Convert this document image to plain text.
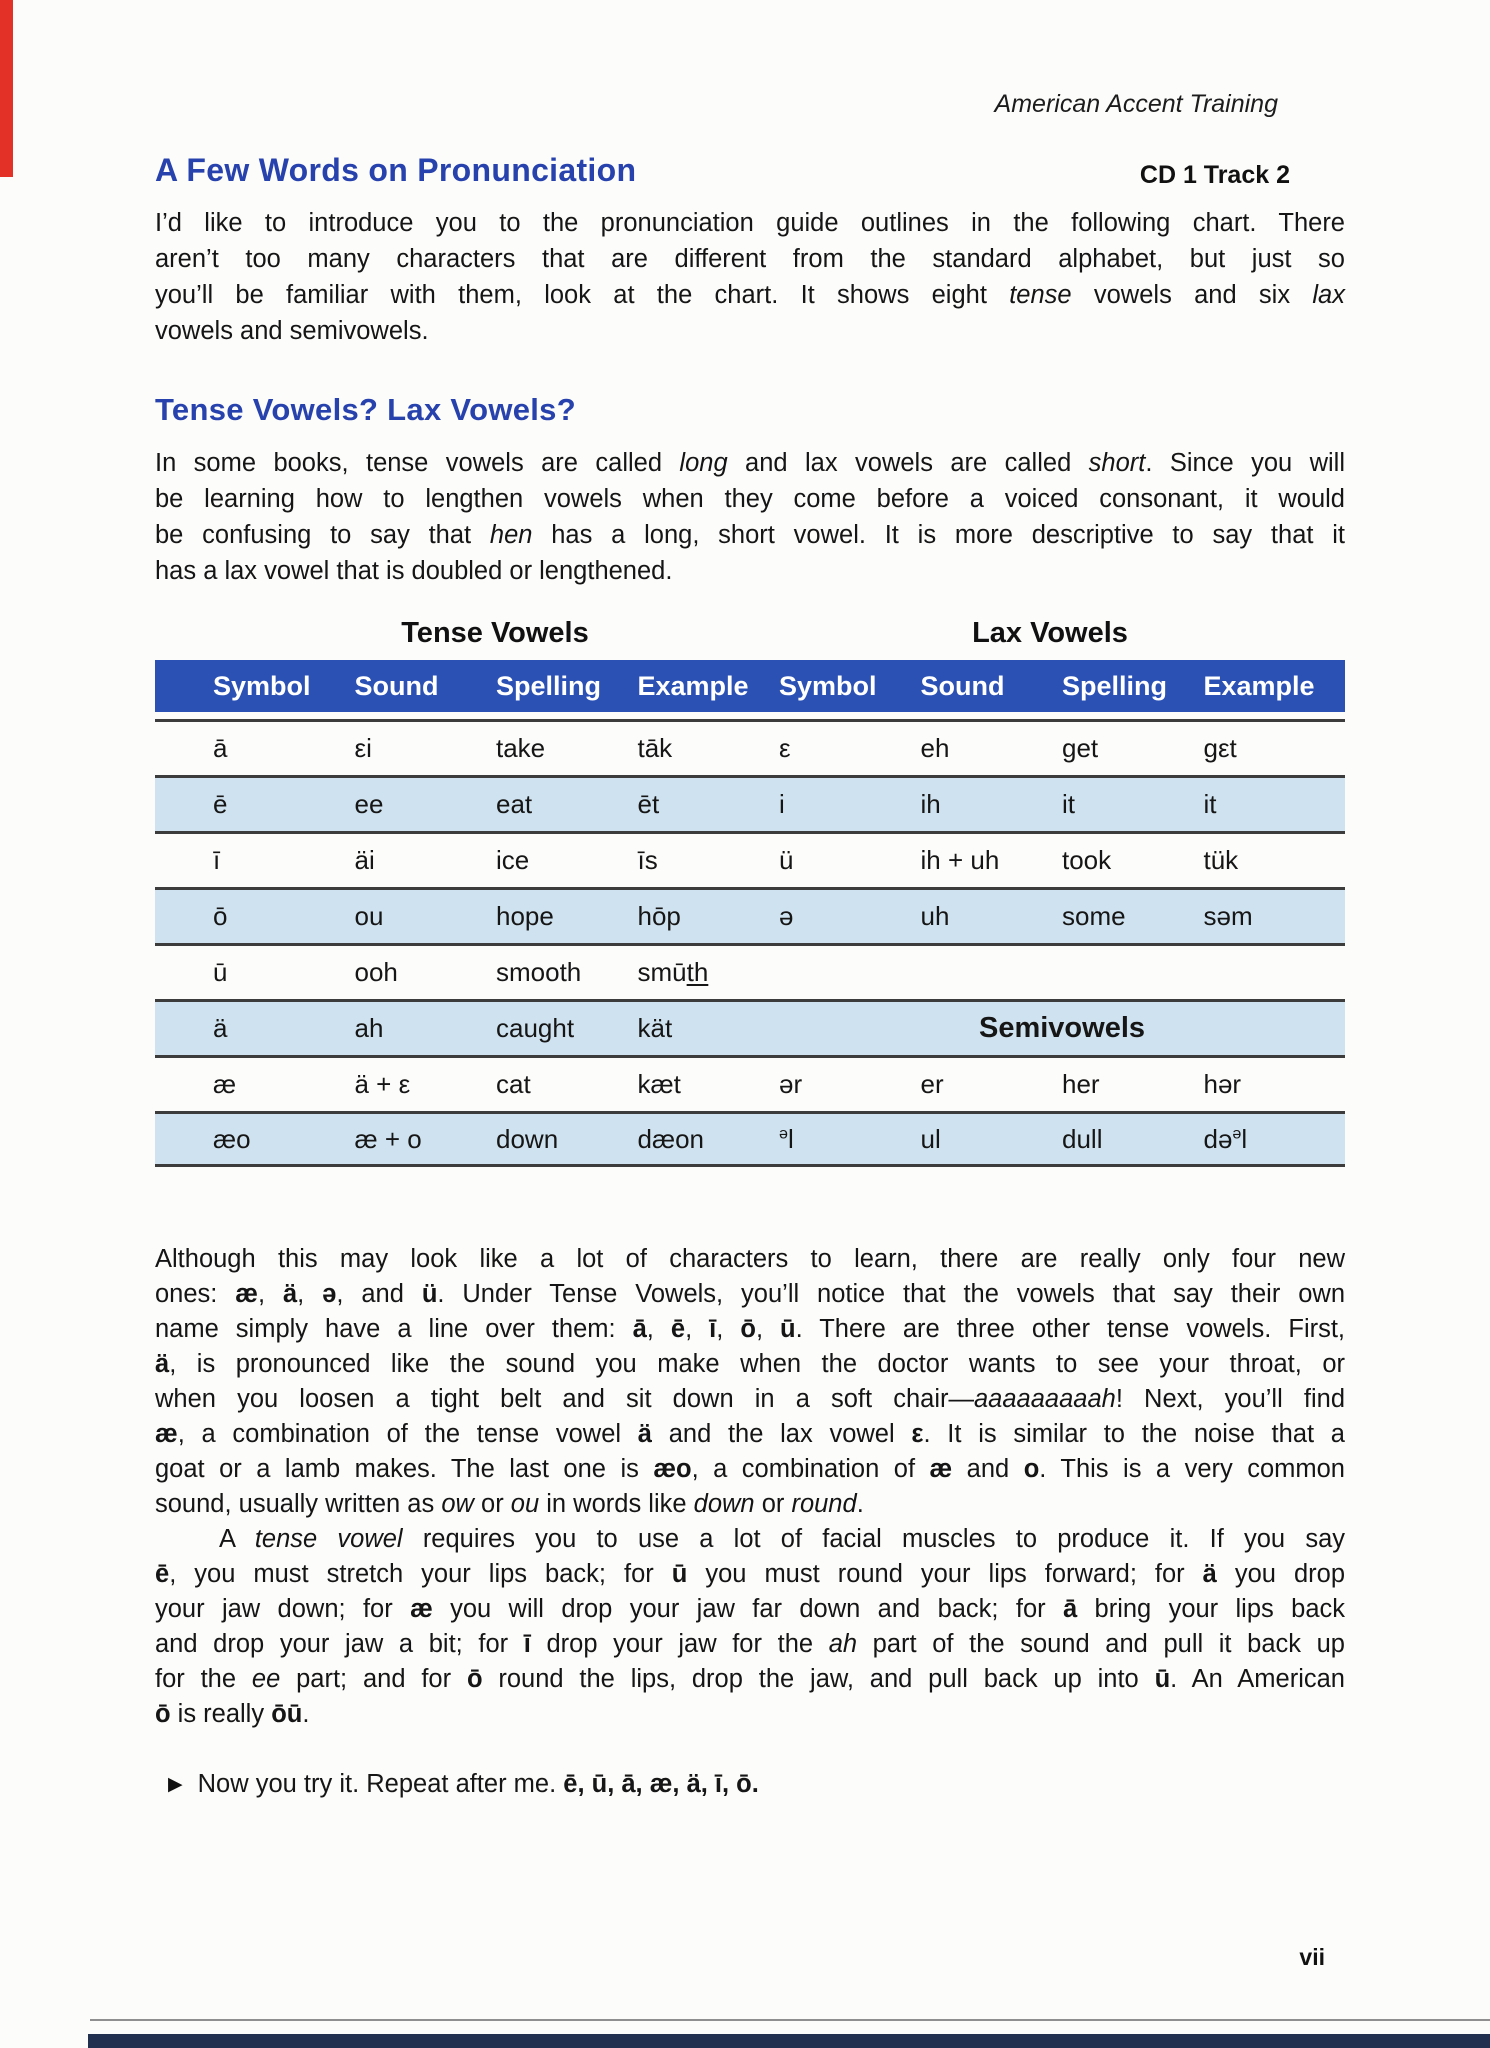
American Accent Training
A Few Words on Pronunciation	CD 1 Track 2
I’d like to introduce you to the pronunciation guide outlines in the following chart. There
aren’t too many characters that are different from the standard alphabet, but just so
you’ll be familiar with them, look at the chart. It shows eight tense vowels and six lax
vowels and semivowels.
Tense Vowels? Lax Vowels?
In some books, tense vowels are called long and lax vowels are called short. Since you will
be learning how to lengthen vowels when they come before a voiced consonant, it would
be confusing to say that hen has a long, short vowel. It is more descriptive to say that it
has a lax vowel that is doubled or lengthened.
Tense Vowels	Lax Vowels
Symbol	Sound	Spelling	Example	Symbol	Sound	Spelling	Example
ā	εi	take	tāk	ε	eh	get	gεt
ē	ee	eat	ēt	i	ih	it	it
ī	äi	ice	īs	ü	ih + uh	took	tük
ō	ou	hope	hōp	ə	uh	some	səm
ū	ooh	smooth	smūth
ä	ah	caught	kät	Semivowels
æ	ä + ε	cat	kæt	ər	er	her	hər
æo	æ + o	down	dæon	$^ə$l	ul	dull	də$^ə$l
Although this may look like a lot of characters to learn, there are really only four new
ones: æ, ä, ə, and ü. Under Tense Vowels, you’ll notice that the vowels that say their own
name simply have a line over them: ā, ē, ī, ō, ū. There are three other tense vowels. First,
ä, is pronounced like the sound you make when the doctor wants to see your throat, or
when you loosen a tight belt and sit down in a soft chair—aaaaaaaaah! Next, you’ll find
æ, a combination of the tense vowel ä and the lax vowel ε. It is similar to the noise that a
goat or a lamb makes. The last one is æo, a combination of æ and o. This is a very common
sound, usually written as ow or ou in words like down or round.
A tense vowel requires you to use a lot of facial muscles to produce it. If you say
ē, you must stretch your lips back; for ū you must round your lips forward; for ä you drop
your jaw down; for æ you will drop your jaw far down and back; for ā bring your lips back
and drop your jaw a bit; for ī drop your jaw for the ah part of the sound and pull it back up
for the ee part; and for ō round the lips, drop the jaw, and pull back up into ū. An American
ō is really ōū.
▶ Now you try it. Repeat after me. ē, ū, ā, æ, ä, ī, ō.
vii
